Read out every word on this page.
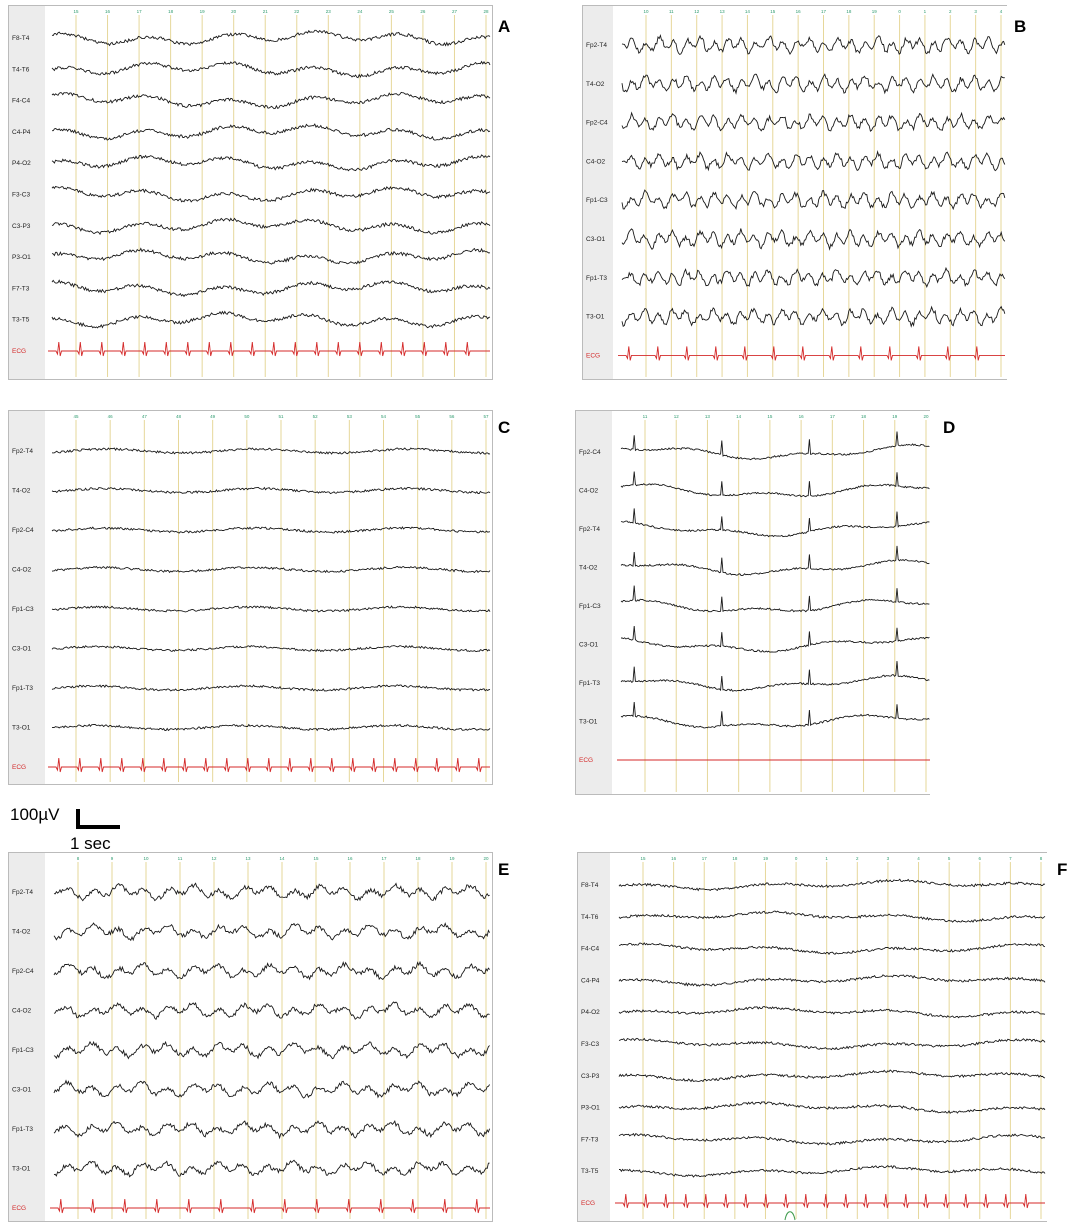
15	16	17	18	19	20	21	22	23	24	25	26	27	28
F8-T4
T4-T6
F4-C4
C4-P4
P4-O2
F3-C3
C3-P3
P3-O1
F7-T3
T3-T5
ECG
A
10	11	12	13	14	15	16	17	18	19	0	1	2	3	4
Fp2-T4
T4-O2
Fp2-C4
C4-O2
Fp1-C3
C3-O1
Fp1-T3
T3-O1
ECG
B
45	46	47	48	49	50	51	52	53	54	55	56	57
Fp2-T4
T4-O2
Fp2-C4
C4-O2
Fp1-C3
C3-O1
Fp1-T3
T3-O1
ECG
C
11	12	13	14	15	16	17	18	19	20
Fp2-C4
C4-O2
Fp2-T4
T4-O2
Fp1-C3
C3-O1
Fp1-T3
T3-O1
ECG
D
8	9	10	11	12	13	14	15	16	17	18	19	20
Fp2-T4
T4-O2
Fp2-C4
C4-O2
Fp1-C3
C3-O1
Fp1-T3
T3-O1
ECG
E
15	16	17	18	19	0	1	2	3	4	5	6	7	8
F8-T4
T4-T6
F4-C4
C4-P4
P4-O2
F3-C3
C3-P3
P3-O1
F7-T3
T3-T5
ECG
F
100µV
1 sec
